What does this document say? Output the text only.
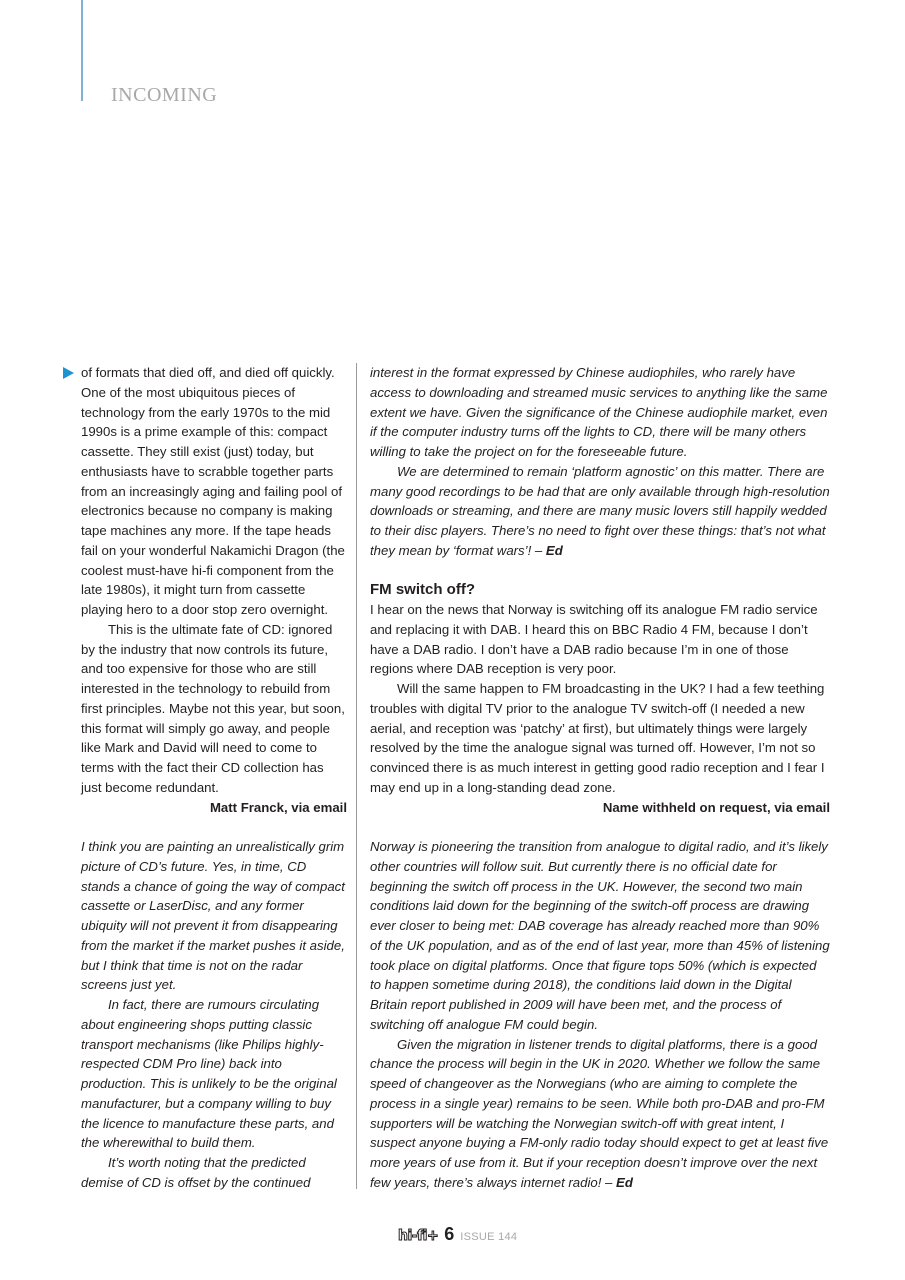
INCOMING

of formats that died off, and died off quickly. One of the most ubiquitous pieces of technology from the early 1970s to the mid 1990s is a prime example of this: compact cassette. They still exist (just) today, but enthusiasts have to scrabble together parts from an increasingly aging and failing pool of electronics because no company is making tape machines any more. If the tape heads fail on your wonderful Nakamichi Dragon (the coolest must-have hi-fi component from the late 1980s), it might turn from cassette playing hero to a door stop zero overnight.

This is the ultimate fate of CD: ignored by the industry that now controls its future, and too expensive for those who are still interested in the technology to rebuild from first principles. Maybe not this year, but soon, this format will simply go away, and people like Mark and David will need to come to terms with the fact their CD collection has just become redundant.

Matt Franck, via email

I think you are painting an unrealistically grim picture of CD’s future. Yes, in time, CD stands a chance of going the way of compact cassette or LaserDisc, and any former ubiquity will not prevent it from disappearing from the market if the market pushes it aside, but I think that time is not on the radar screens just yet.

In fact, there are rumours circulating about engineering shops putting classic transport mechanisms (like Philips highly-respected CDM Pro line) back into production. This is unlikely to be the original manufacturer, but a company willing to buy the licence to manufacture these parts, and the wherewithal to build them.

It’s worth noting that the predicted demise of CD is offset by the continued

interest in the format expressed by Chinese audiophiles, who rarely have access to downloading and streamed music services to anything like the same extent we have. Given the significance of the Chinese audiophile market, even if the computer industry turns off the lights to CD, there will be many others willing to take the project on for the foreseeable future.

We are determined to remain ‘platform agnostic’ on this matter. There are many good recordings to be had that are only available through high-resolution downloads or streaming, and there are many music lovers still happily wedded to their disc players. There’s no need to fight over these things: that’s not what they mean by ‘format wars’! – Ed

FM switch off?

I hear on the news that Norway is switching off its analogue FM radio service and replacing it with DAB. I heard this on BBC Radio 4 FM, because I don’t have a DAB radio. I don’t have a DAB radio because I’m in one of those regions where DAB reception is very poor.

Will the same happen to FM broadcasting in the UK? I had a few teething troubles with digital TV prior to the analogue TV switch-off (I needed a new aerial, and reception was ‘patchy’ at first), but ultimately things were largely resolved by the time the analogue signal was turned off. However, I’m not so convinced there is as much interest in getting good radio reception and I fear I may end up in a long-standing dead zone.

Name withheld on request, via email

Norway is pioneering the transition from analogue to digital radio, and it’s likely other countries will follow suit. But currently there is no official date for beginning the switch off process in the UK. However, the second two main conditions laid down for the beginning of the switch-off process are drawing ever closer to being met: DAB coverage has already reached more than 90% of the UK population, and as of the end of last year, more than 45% of listening took place on digital platforms. Once that figure tops 50% (which is expected to happen sometime during 2018), the conditions laid down in the Digital Britain report published in 2009 will have been met, and the process of switching off analogue FM could begin.

Given the migration in listener trends to digital platforms, there is a good chance the process will begin in the UK in 2020. Whether we follow the same speed of changeover as the Norwegians (who are aiming to complete the process in a single year) remains to be seen. While both pro-DAB and pro-FM supporters will be watching the Norwegian switch-off with great intent, I suspect anyone buying a FM-only radio today should expect to get at least five more years of use from it. But if your reception doesn’t improve over the next few years, there’s always internet radio! – Ed

hi-fi+ 6 ISSUE 144
